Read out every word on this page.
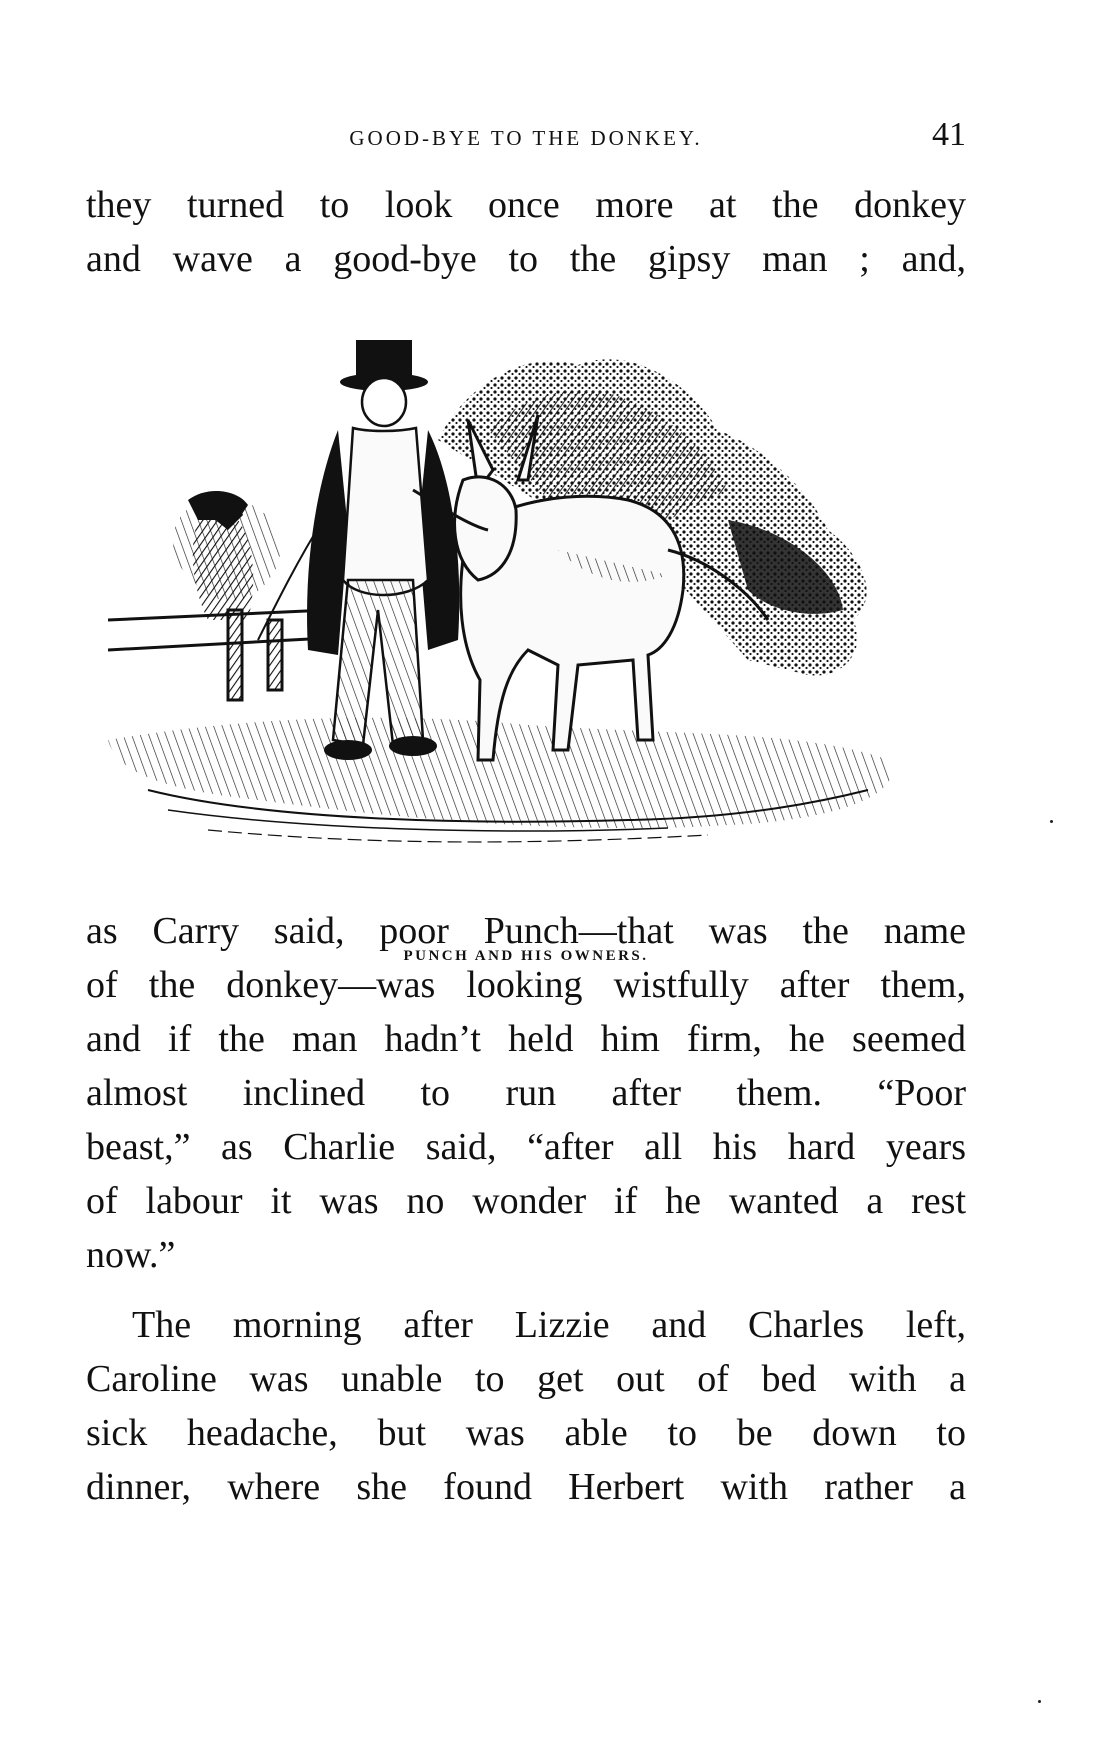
GOOD-BYE TO THE DONKEY.	41

they turned to look once more at the donkey
and wave a good-bye to the gipsy man ; and,

PUNCH AND HIS OWNERS.

as Carry said, poor Punch—that was the name
of the donkey—was looking wistfully after them,
and if the man hadn’t held him firm, he seemed
almost inclined to run after them. “Poor
beast,” as Charlie said, “after all his hard years
of labour it was no wonder if he wanted a rest
now.”

The morning after Lizzie and Charles left,
Caroline was unable to get out of bed with a
sick headache, but was able to be down to
dinner, where she found Herbert with rather a
